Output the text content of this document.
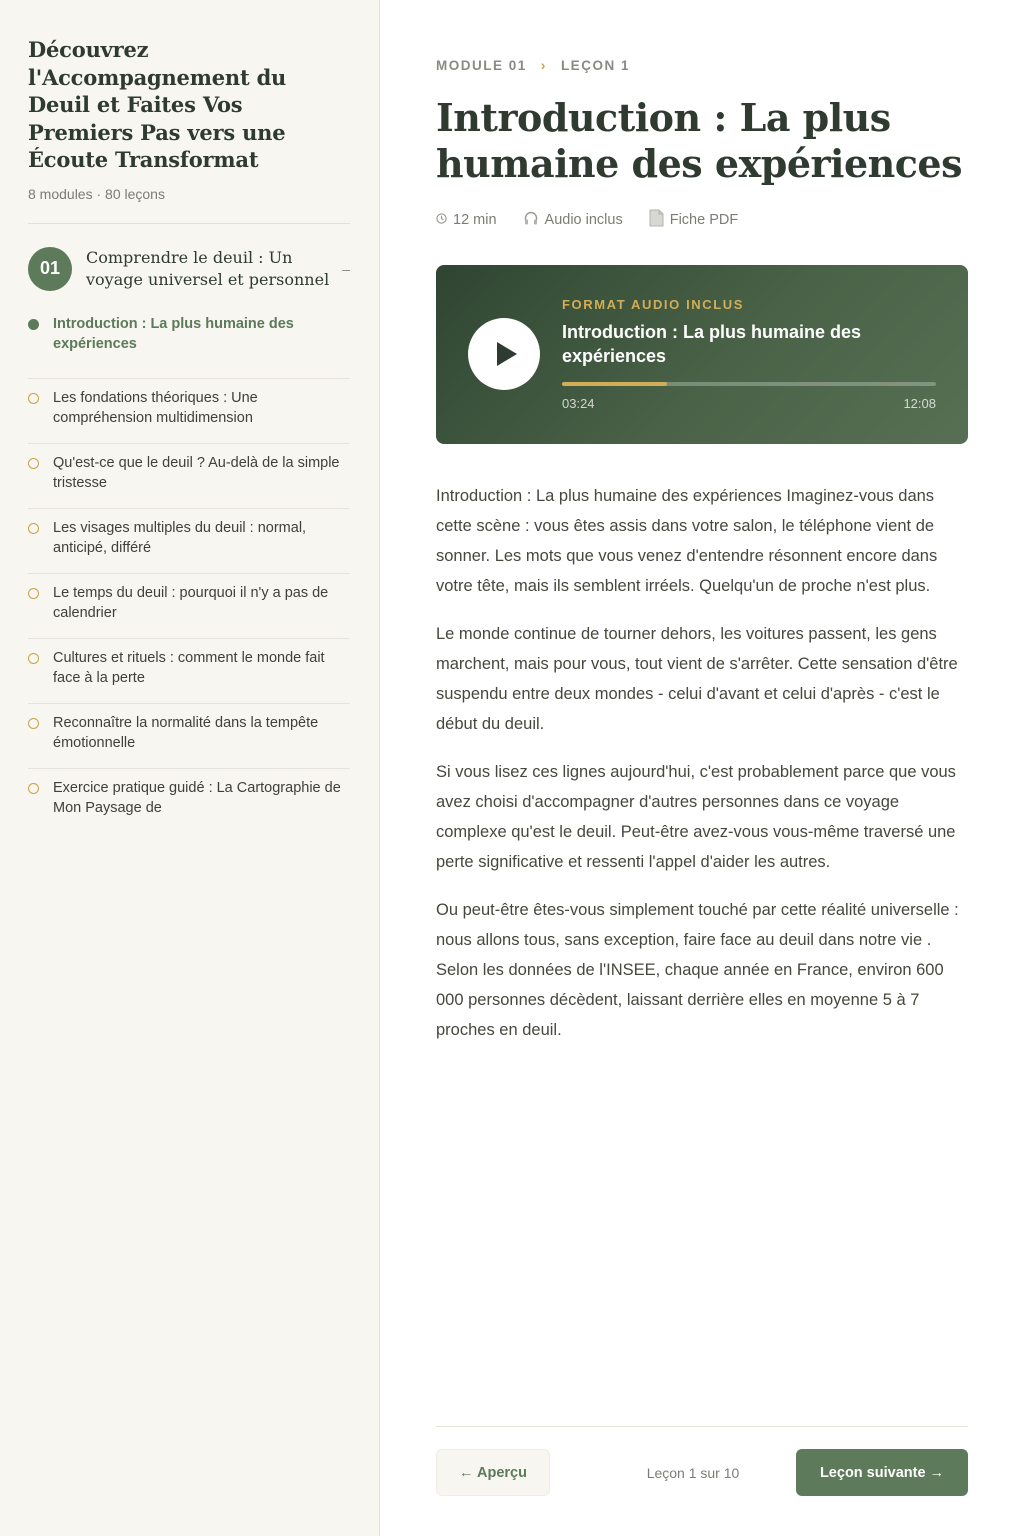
Découvrez l'Accompagnement du Deuil et Faites Vos Premiers Pas vers une Écoute Transformat
8 modules · 80 leçons
01
Comprendre le deuil : Un voyage universel et personnel
–
Introduction : La plus humaine des expériences
Les fondations théoriques : Une compréhension multidimension
Qu'est-ce que le deuil ? Au-delà de la simple tristesse
Les visages multiples du deuil : normal, anticipé, différé
Le temps du deuil : pourquoi il n'y a pas de calendrier
Cultures et rituels : comment le monde fait face à la perte
Reconnaître la normalité dans la tempête émotionnelle
Exercice pratique guidé : La Cartographie de Mon Paysage de
MODULE 01 › LEÇON 1
Introduction : La plus humaine des expériences
12 min	Audio inclus	Fiche PDF
FORMAT AUDIO INCLUS
Introduction : La plus humaine des expériences
03:24	12:08

Introduction : La plus humaine des expériences Imaginez-vous dans cette scène : vous êtes assis dans votre salon, le téléphone vient de sonner. Les mots que vous venez d'entendre résonnent encore dans votre tête, mais ils semblent irréels. Quelqu'un de proche n'est plus.

Le monde continue de tourner dehors, les voitures passent, les gens marchent, mais pour vous, tout vient de s'arrêter. Cette sensation d'être suspendu entre deux mondes - celui d'avant et celui d'après - c'est le début du deuil.

Si vous lisez ces lignes aujourd'hui, c'est probablement parce que vous avez choisi d'accompagner d'autres personnes dans ce voyage complexe qu'est le deuil. Peut-être avez-vous vous-même traversé une perte significative et ressenti l'appel d'aider les autres.

Ou peut-être êtes-vous simplement touché par cette réalité universelle : nous allons tous, sans exception, faire face au deuil dans notre vie . Selon les données de l'INSEE, chaque année en France, environ 600 000 personnes décèdent, laissant derrière elles en moyenne 5 à 7 proches en deuil.

← Aperçu	Leçon 1 sur 10	Leçon suivante →
